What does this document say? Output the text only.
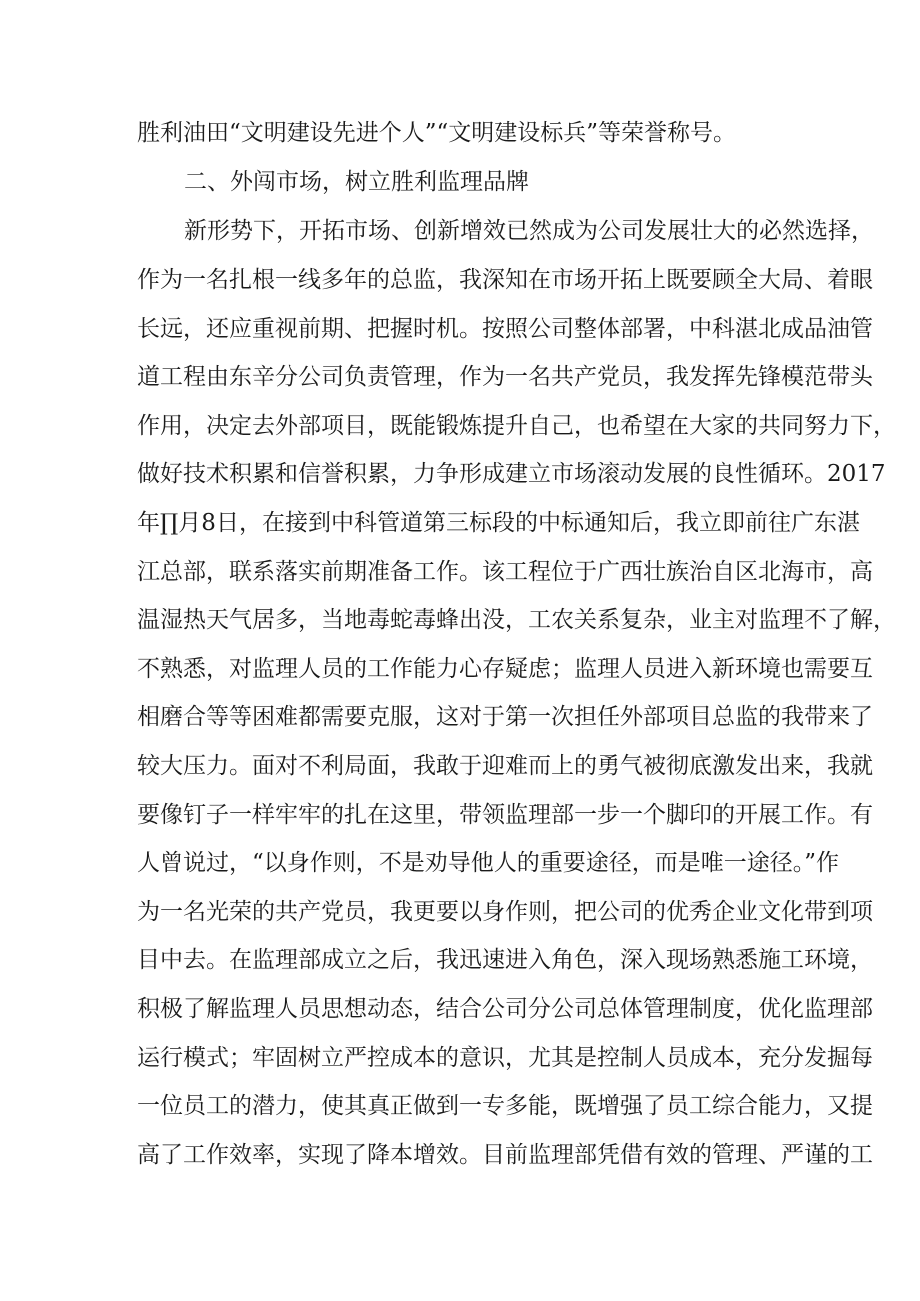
胜利油田“文明建设先进个人”“文明建设标兵”等荣誉称号。
二、外闯市场，树立胜利监理品牌
新形势下，开拓市场、创新增效已然成为公司发展壮大的必然选择，
作为一名扎根一线多年的总监，我深知在市场开拓上既要顾全大局、着眼
长远，还应重视前期、把握时机。按照公司整体部署，中科湛北成品油管
道工程由东辛分公司负责管理，作为一名共产党员，我发挥先锋模范带头
作用，决定去外部项目，既能锻炼提升自己，也希望在大家的共同努力下，
做好技术积累和信誉积累，力争形成建立市场滚动发展的良性循环。2017
年∏月8日，在接到中科管道第三标段的中标通知后，我立即前往广东湛
江总部，联系落实前期准备工作。该工程位于广西壮族治自区北海市，高
温湿热天气居多，当地毒蛇毒蜂出没，工农关系复杂，业主对监理不了解，
不熟悉，对监理人员的工作能力心存疑虑；监理人员进入新环境也需要互
相磨合等等困难都需要克服，这对于第一次担任外部项目总监的我带来了
较大压力。面对不利局面，我敢于迎难而上的勇气被彻底激发出来，我就
要像钉子一样牢牢的扎在这里，带领监理部一步一个脚印的开展工作。有
人曾说过，“以身作则，不是劝导他人的重要途径，而是唯一途径。”作
为一名光荣的共产党员，我更要以身作则，把公司的优秀企业文化带到项
目中去。在监理部成立之后，我迅速进入角色，深入现场熟悉施工环境，
积极了解监理人员思想动态，结合公司分公司总体管理制度，优化监理部
运行模式；牢固树立严控成本的意识，尤其是控制人员成本，充分发掘每
一位员工的潜力，使其真正做到一专多能，既增强了员工综合能力，又提
高了工作效率，实现了降本增效。目前监理部凭借有效的管理、严谨的工
